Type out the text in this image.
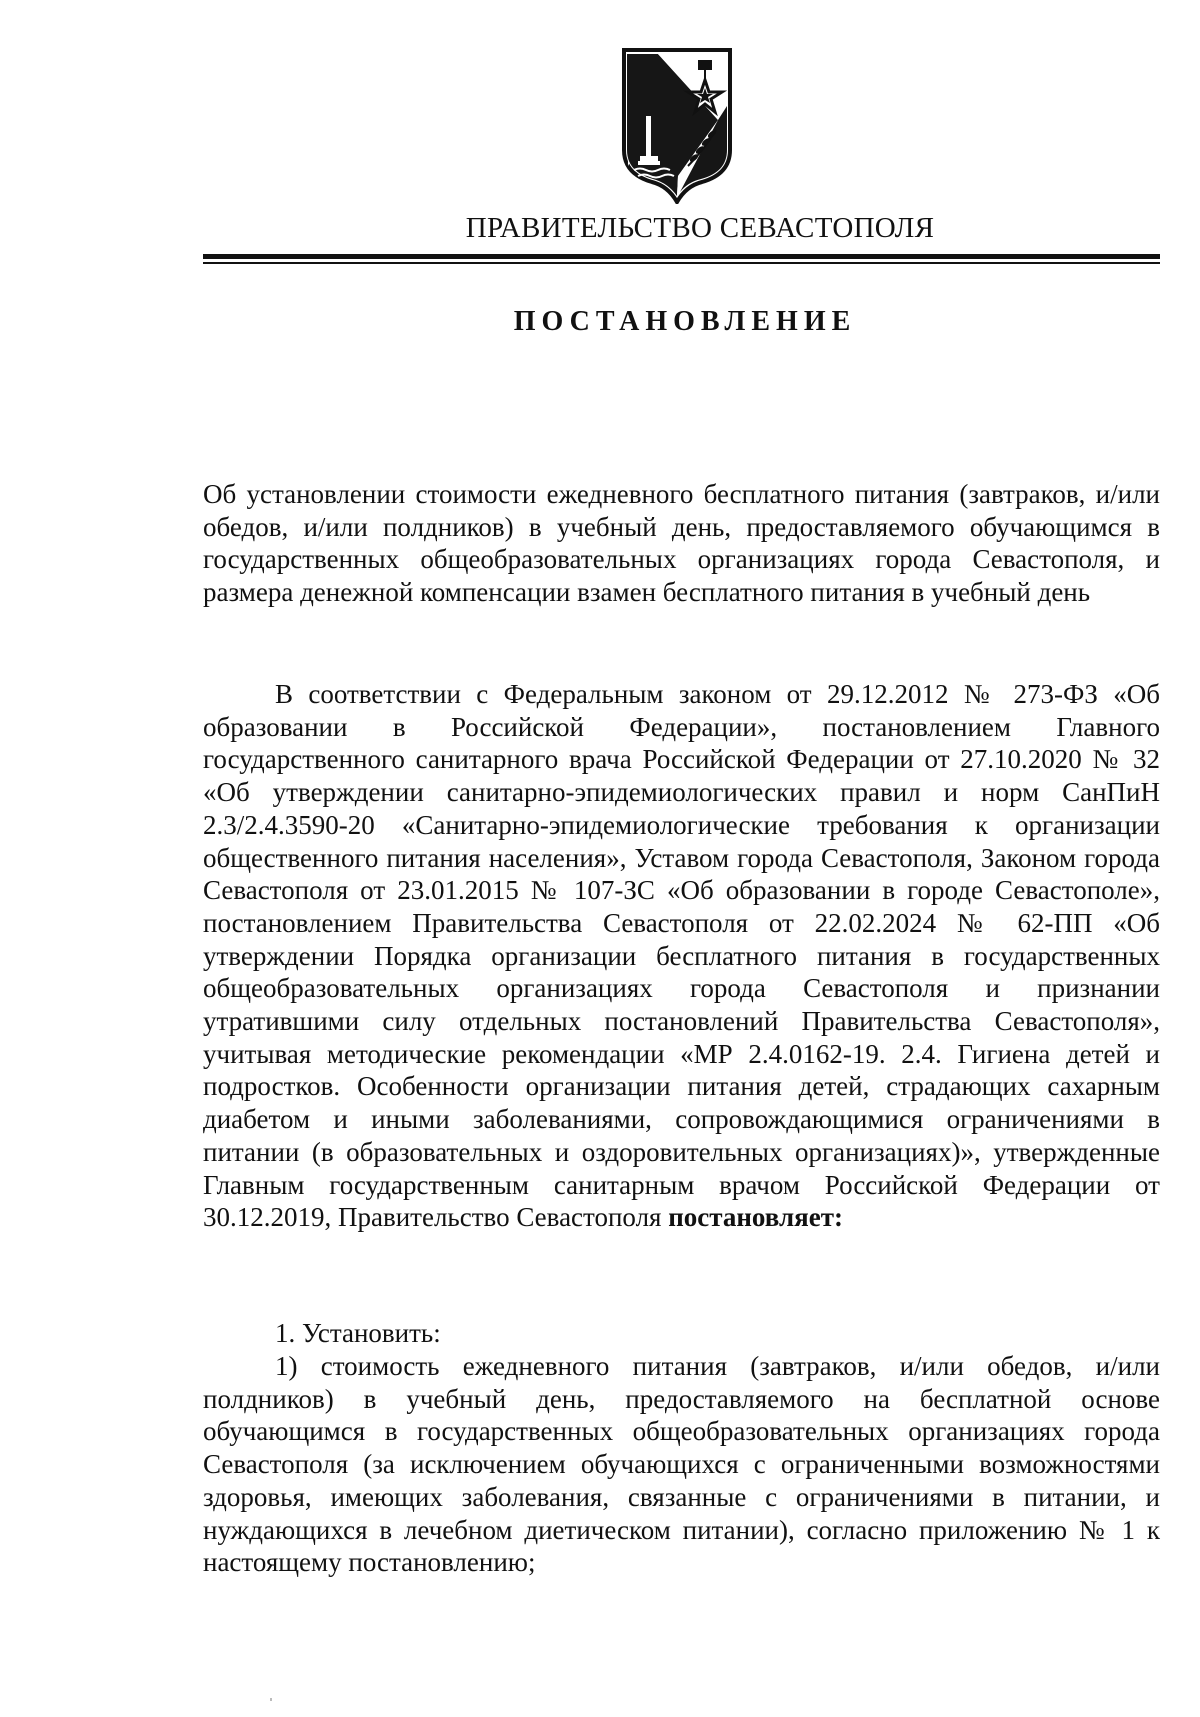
ПРАВИТЕЛЬСТВО СЕВАСТОПОЛЯ
ПОСТАНОВЛЕНИЕ

Об установлении стоимости ежедневного бесплатного питания (завтраков, и/или обедов, и/или полдников) в учебный день, предоставляемого обучающимся в государственных общеобразовательных организациях города Севастополя, и размера денежной компенсации взамен бесплатного питания в учебный день

В соответствии с Федеральным законом от 29.12.2012 № 273-ФЗ «Об образовании в Российской Федерации», постановлением Главного государственного санитарного врача Российской Федерации от 27.10.2020 № 32 «Об утверждении санитарно-эпидемиологических правил и норм СанПиН 2.3/2.4.3590-20 «Санитарно-эпидемиологические требования к организации общественного питания населения», Уставом города Севастополя, Законом города Севастополя от 23.01.2015 № 107-ЗС «Об образовании в городе Севастополе», постановлением Правительства Севастополя от 22.02.2024 № 62-ПП «Об утверждении Порядка организации бесплатного питания в государственных общеобразовательных организациях города Севастополя и признании утратившими силу отдельных постановлений Правительства Севастополя», учитывая методические рекомендации «МР 2.4.0162-19. 2.4. Гигиена детей и подростков. Особенности организации питания детей, страдающих сахарным диабетом и иными заболеваниями, сопровождающимися ограничениями в питании (в образовательных и оздоровительных организациях)», утвержденные Главным государственным санитарным врачом Российской Федерации от 30.12.2019, Правительство Севастополя постановляет:

1. Установить:

1) стоимость ежедневного питания (завтраков, и/или обедов, и/или полдников) в учебный день, предоставляемого на бесплатной основе обучающимся в государственных общеобразовательных организациях города Севастополя (за исключением обучающихся с ограниченными возможностями здоровья, имеющих заболевания, связанные с ограничениями в питании, и нуждающихся в лечебном диетическом питании), согласно приложению № 1 к настоящему постановлению;
